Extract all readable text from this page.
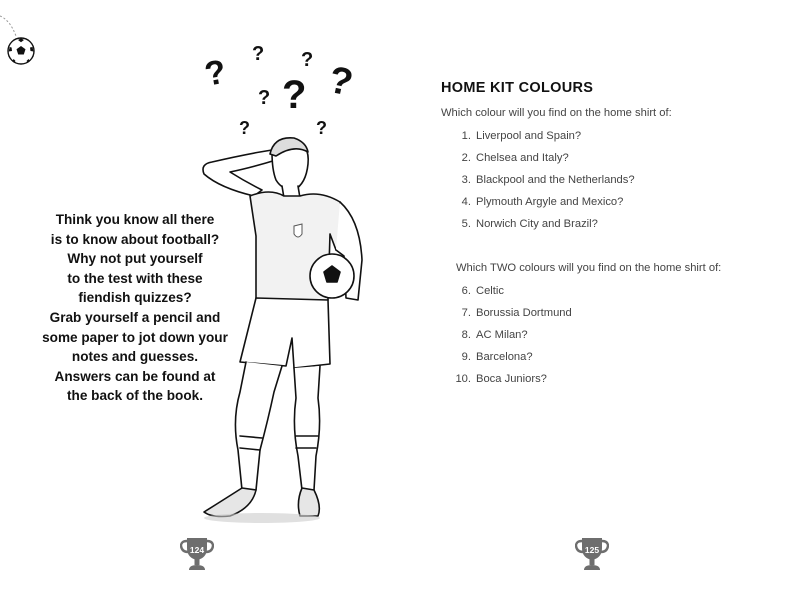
? ?
?
?
?
? ?
?
Think you know all there
is to know about football?
Why not put yourself
to the test with these
fiendish quizzes?
Grab yourself a pencil and
some paper to jot down your
notes and guesses.
Answers can be found at
the back of the book.
124
HOME KIT COLOURS
Which colour will you find on the home shirt of:
1. Liverpool and Spain?
2. Chelsea and Italy?
3. Blackpool and the Netherlands?
4. Plymouth Argyle and Mexico?
5. Norwich City and Brazil?
Which TWO colours will you find on the home shirt of:
6. Celtic
7. Borussia Dortmund
8. AC Milan?
9. Barcelona?
10. Boca Juniors?
125
